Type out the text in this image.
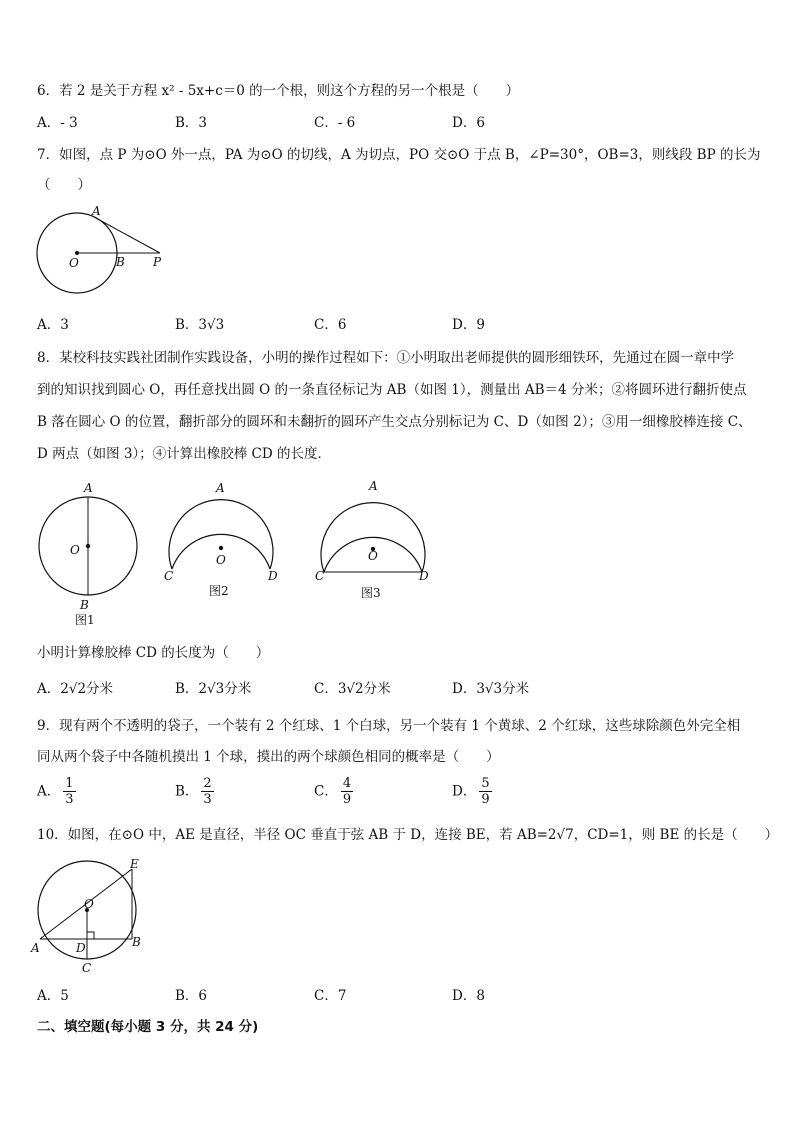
6．若 2 是关于方程 x² - 5x+c＝0 的一个根，则这个方程的另一个根是（　　）
A．- 3	B．3	C．- 6	D．6
7．如图，点 P 为⊙O 外一点，PA 为⊙O 的切线，A 为切点，PO 交⊙O 于点 B，∠P=30°，OB=3，则线段 BP 的长为
（　　）
A
O	B P
A．3	B．3√3	C．6	D．9
8．某校科技实践社团制作实践设备，小明的操作过程如下：①小明取出老师提供的圆形细铁环，先通过在圆一章中学
到的知识找到圆心 O，再任意找出圆 O 的一条直径标记为 AB（如图 1），测量出 AB＝4 分米；②将圆环进行翻折使点
B 落在圆心 O 的位置，翻折部分的圆环和未翻折的圆环产生交点分别标记为 C、D（如图 2）；③用一细橡胶棒连接 C、
D 两点（如图 3）；④计算出橡胶棒 CD 的长度．
A
O
B
图1
A
O
C	D
图2
A
O
C	D
图3
小明计算橡胶棒 CD 的长度为（　　）
A．2√2分米	B．2√3分米	C．3√2分米	D．3√3分米
9．现有两个不透明的袋子，一个装有 2 个红球、1 个白球，另一个装有 1 个黄球、2 个红球，这些球除颜色外完全相
同从两个袋子中各随机摸出 1 个球，摸出的两个球颜色相同的概率是（　　）
A． $\frac{1}{3}$	B． $\frac{2}{3}$	C． $\frac{4}{9}$	D． $\frac{5}{9}$
10．如图，在⊙O 中，AE 是直径，半径 OC 垂直于弦 AB 于 D，连接 BE，若 AB=2√7，CD=1，则 BE 的长是（　　）
E
O
A	D	B
C
A．5	B．6	C．7	D．8
二、填空题(每小题 3 分，共 24 分)
